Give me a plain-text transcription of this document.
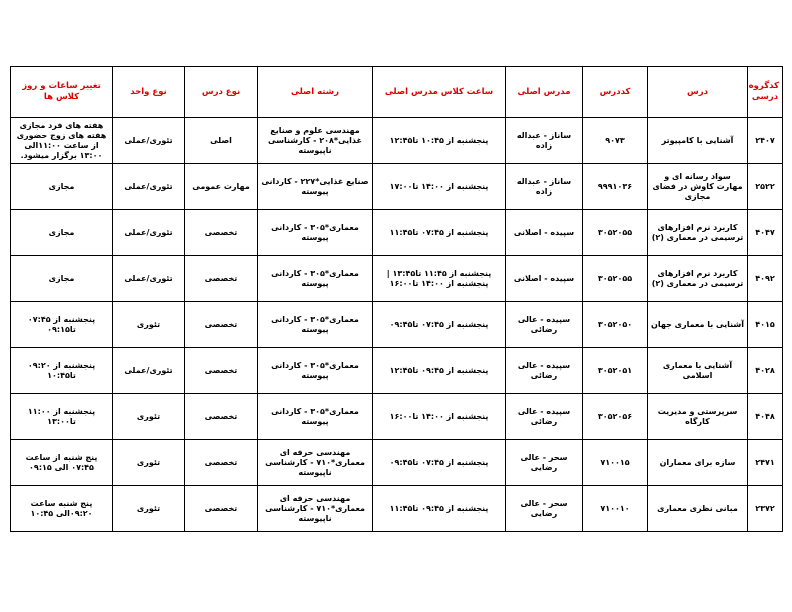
کدگروه درسی	درس	کددرس	مدرس اصلی	ساعت کلاس مدرس اصلی	رشته اصلی	نوع درس	نوع واحد	تغییر ساعات و روز کلاس ها
۲۴۰۷	آشنایی با کامپیوتر	۹۰۷۳	ساناز - عبداله زاده	پنجشنبه از ۱۰:۴۵ تا۱۲:۴۵	مهندسی علوم و صنایع غذایی*۲۰۸ - کارشناسی ناپیوسته	اصلی	تئوری/عملی	هفته های فرد مجازی هفته های زوج حضوری از ساعت ۱۱:۰۰الی ۱۳:۰۰ برگزار میشود.
۲۵۲۲	سواد رسانه ای و مهارت کاوش در فضای مجازی	۹۹۹۱۰۳۶	ساناز - عبداله زاده	پنجشنبه از ۱۴:۰۰ تا۱۷:۰۰	صنایع غذایی*۲۲۷ - کاردانی پیوسته	مهارت عمومی	تئوری/عملی	مجازی
۴۰۴۷	کاربرد نرم افزارهای ترسیمی در معماری (۲)	۳۰۵۲۰۵۵	سپیده - اصلانی	پنجشنبه از ۰۷:۴۵ تا۱۱:۴۵	معماری*۳۰۵ - کاردانی پیوسته	تخصصی	تئوری/عملی	مجازی
۴۰۹۲	کاربرد نرم افزارهای ترسیمی در معماری (۲)	۳۰۵۲۰۵۵	سپیده - اصلانی	پنجشنبه از ۱۱:۴۵ تا۱۳:۴۵ | پنجشنبه از ۱۴:۰۰ تا۱۶:۰۰	معماری*۳۰۵ - کاردانی پیوسته	تخصصی	تئوری/عملی	مجازی
۴۰۱۵	آشنایی با معماری جهان	۳۰۵۲۰۵۰	سپیده - عالی رضائی	پنجشنبه از ۰۷:۴۵ تا۰۹:۴۵	معماری*۳۰۵ - کاردانی پیوسته	تخصصی	تئوری	پنجشنبه از ۰۷:۴۵ تا۰۹:۱۵
۴۰۲۸	آشنایی با معماری اسلامی	۳۰۵۲۰۵۱	سپیده - عالی رضائی	پنجشنبه از ۰۹:۴۵ تا۱۲:۴۵	معماری*۳۰۵ - کاردانی پیوسته	تخصصی	تئوری/عملی	پنجشنبه از ۰۹:۲۰ تا۱۰:۴۵
۴۰۴۸	سرپرستی و مدیریت کارگاه	۳۰۵۲۰۵۶	سپیده - عالی رضائی	پنجشنبه از ۱۴:۰۰ تا۱۶:۰۰	معماری*۳۰۵ - کاردانی پیوسته	تخصصی	تئوری	پنجشنبه از ۱۱:۰۰ تا۱۳:۰۰
۲۴۷۱	سازه برای معماران	۷۱۰۰۱۵	سحر - عالی رضایی	پنجشنبه از ۰۷:۴۵ تا۰۹:۴۵	مهندسی حرفه ای معماری*۷۱۰ - کارشناسی ناپیوسته	تخصصی	تئوری	پنج شنبه از ساعت ۰۷:۴۵ الی ۰۹:۱۵
۲۳۷۲	مبانی نظری معماری	۷۱۰۰۱۰	سحر - عالی رضایی	پنجشنبه از ۰۹:۴۵ تا۱۱:۴۵	مهندسی حرفه ای معماری*۷۱۰ - کارشناسی ناپیوسته	تخصصی	تئوری	پنج شنبه ساعت ۰۹:۲۰الی ۱۰:۴۵
